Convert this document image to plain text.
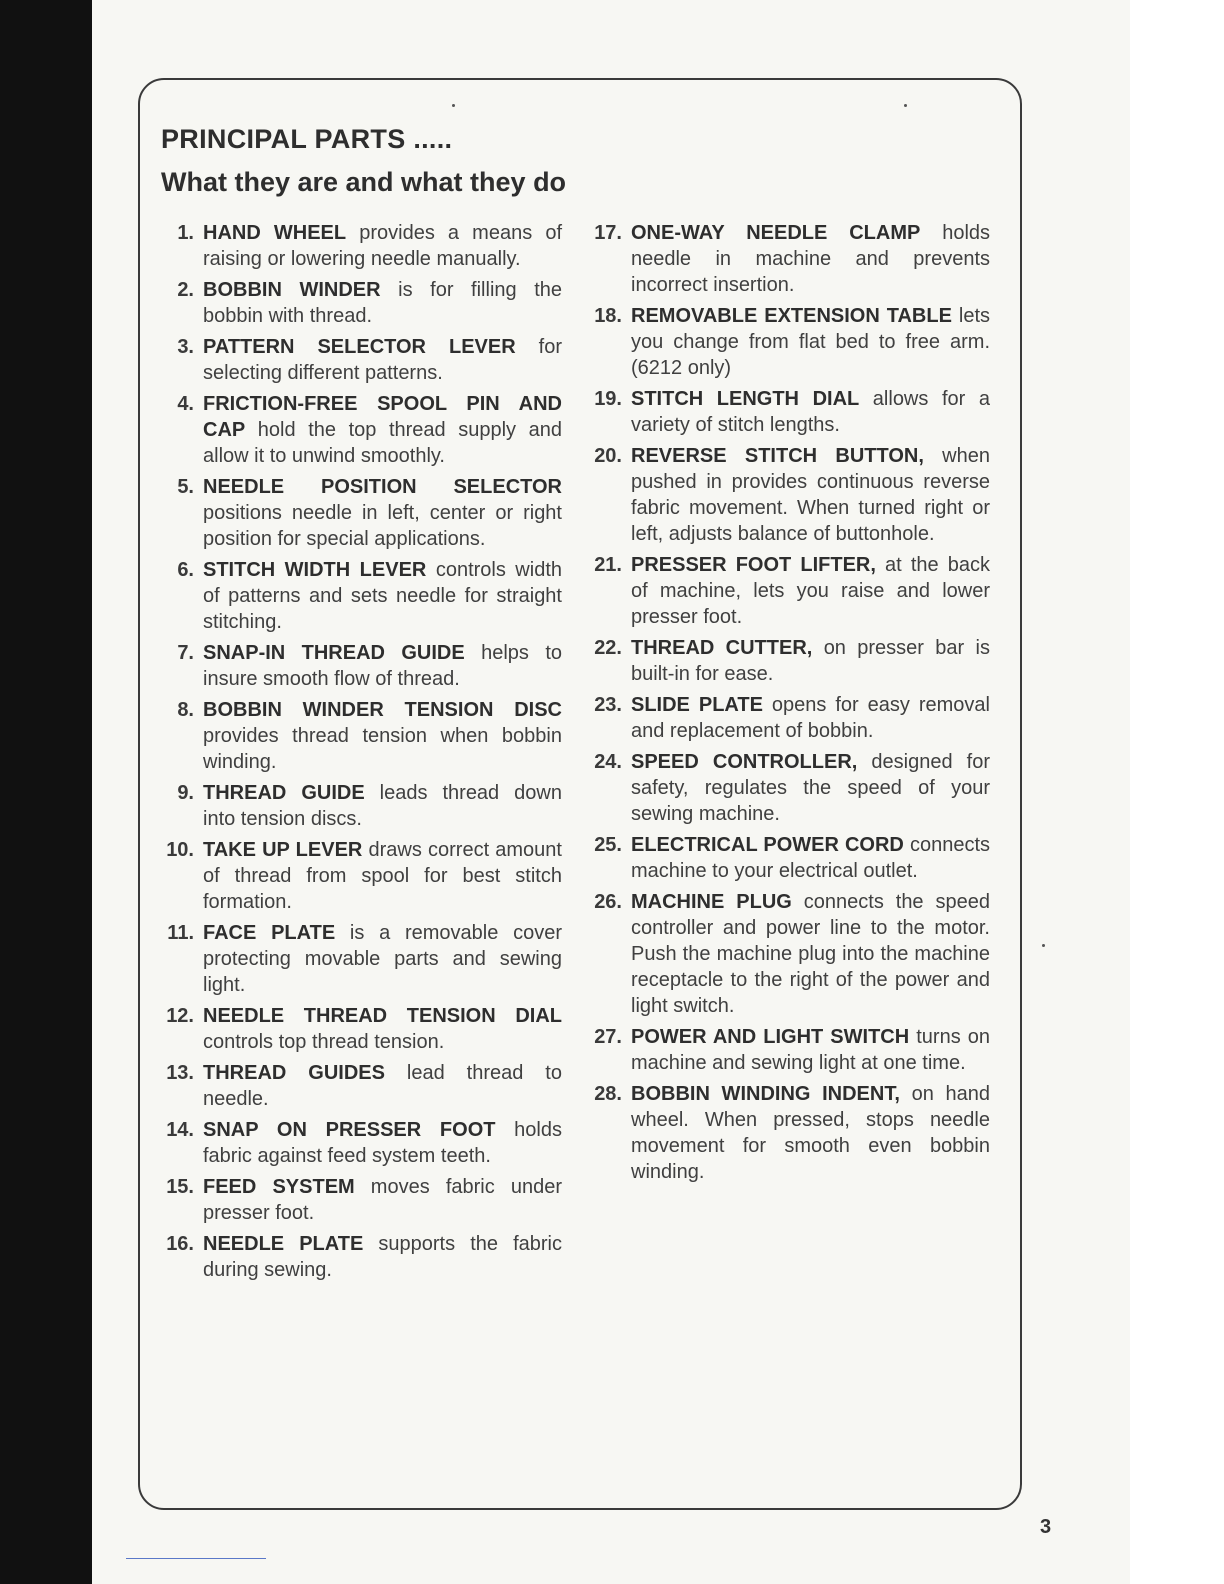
PRINCIPAL PARTS .....
What they are and what they do
1. HAND WHEEL provides a means of raising or lowering needle manually.
2. BOBBIN WINDER is for filling the bobbin with thread.
3. PATTERN SELECTOR LEVER for selecting different patterns.
4. FRICTION-FREE SPOOL PIN AND CAP hold the top thread supply and allow it to unwind smoothly.
5. NEEDLE POSITION SELECTOR positions needle in left, center or right position for special applications.
6. STITCH WIDTH LEVER controls width of patterns and sets needle for straight stitching.
7. SNAP-IN THREAD GUIDE helps to insure smooth flow of thread.
8. BOBBIN WINDER TENSION DISC provides thread tension when bobbin winding.
9. THREAD GUIDE leads thread down into tension discs.
10. TAKE UP LEVER draws correct amount of thread from spool for best stitch formation.
11. FACE PLATE is a removable cover protecting movable parts and sewing light.
12. NEEDLE THREAD TENSION DIAL controls top thread tension.
13. THREAD GUIDES lead thread to needle.
14. SNAP ON PRESSER FOOT holds fabric against feed system teeth.
15. FEED SYSTEM moves fabric under presser foot.
16. NEEDLE PLATE supports the fabric during sewing.
17. ONE-WAY NEEDLE CLAMP holds needle in machine and prevents incorrect insertion.
18. REMOVABLE EXTENSION TABLE lets you change from flat bed to free arm. (6212 only)
19. STITCH LENGTH DIAL allows for a variety of stitch lengths.
20. REVERSE STITCH BUTTON, when pushed in provides continuous reverse fabric movement. When turned right or left, adjusts balance of buttonhole.
21. PRESSER FOOT LIFTER, at the back of machine, lets you raise and lower presser foot.
22. THREAD CUTTER, on presser bar is built-in for ease.
23. SLIDE PLATE opens for easy removal and replacement of bobbin.
24. SPEED CONTROLLER, designed for safety, regulates the speed of your sewing machine.
25. ELECTRICAL POWER CORD connects machine to your electrical outlet.
26. MACHINE PLUG connects the speed controller and power line to the motor. Push the machine plug into the machine receptacle to the right of the power and light switch.
27. POWER AND LIGHT SWITCH turns on machine and sewing light at one time.
28. BOBBIN WINDING INDENT, on hand wheel. When pressed, stops needle movement for smooth even bobbin winding.
3
